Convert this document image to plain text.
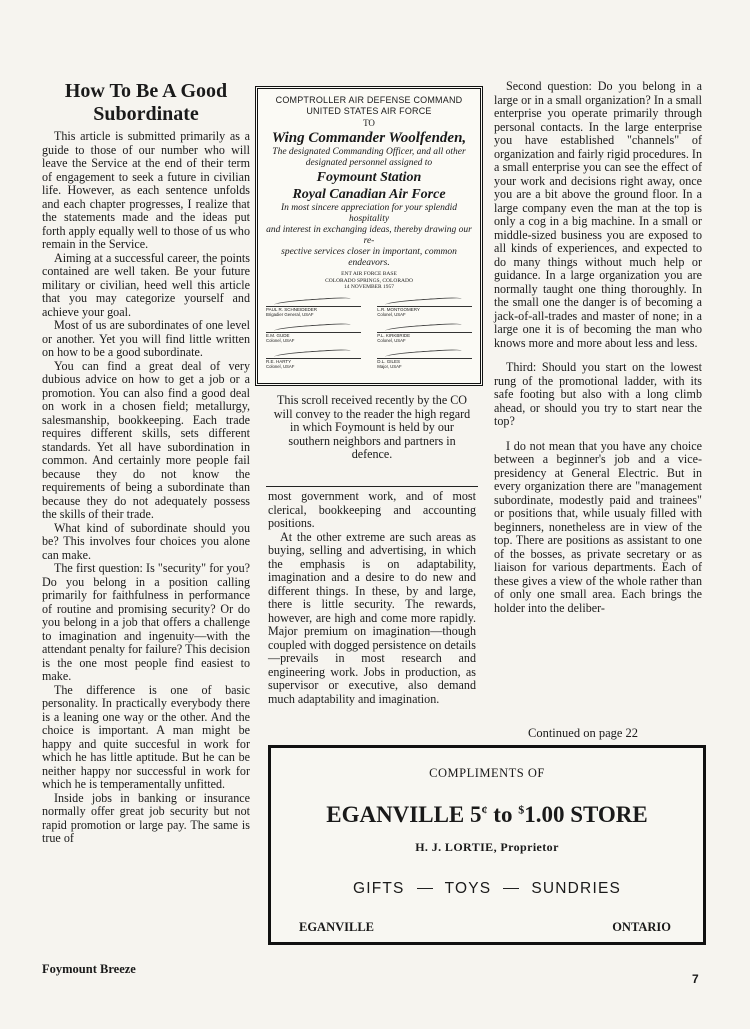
How To Be A Good Subordinate

This article is submitted primarily as a guide to those of our number who will leave the Service at the end of their term of engagement to seek a future in civilian life. However, as each sentence unfolds and each chapter progresses, I realize that the statements made and the ideas put forth apply equally well to those of us who remain in the Service.

Aiming at a successful career, the points contained are well taken. Be your future military or civilian, heed well this article that you may categorize yourself and achieve your goal.

Most of us are subordinates of one level or another. Yet you will find little written on how to be a good subordinate.

You can find a great deal of very dubious advice on how to get a job or a promotion. You can also find a good deal on work in a chosen field; metallurgy, salesmanship, bookkeeping. Each trade requires different skills, sets different standards. Yet all have subordination in common. And certainly more people fail because they do not know the requirements of being a subordinate than because they do not adequately possess the skills of their trade.

What kind of subordinate should you be? This involves four choices you alone can make.

The first question: Is "security" for you? Do you belong in a position calling primarily for faithfulness in performance of routine and promising security? Or do you belong in a job that offers a challenge to imagination and ingenuity—with the attendant penalty for failure? This decision is the one most people find easiest to make.

The difference is one of basic personality. In practically everybody there is a leaning one way or the other. And the choice is important. A man might be happy and quite succesful in work for which he has little aptitude. But he can be neither happy nor successful in work for which he is temperamentally unfitted.

Inside jobs in banking or insurance normally offer great job security but not rapid promotion or large pay. The same is true of

COMPTROLLER AIR DEFENSE COMMAND
UNITED STATES AIR FORCE
TO
Wing Commander Woolfenden,
The designated Commanding Officer, and all other
designated personnel assigned to
Foymount Station
Royal Canadian Air Force
In most sincere appreciation for your splendid hospitality
and interest in exchanging ideas, thereby drawing our re-
spective services closer in important, common endeavors.
ENT AIR FORCE BASE
COLORADO SPRINGS, COLORADO
14 NOVEMBER 1957
PAUL R. SCHNEIDEDER
Brigadier General, USAF
L.R. MONTGOMERY
Colonel, USAF
E.M. GUDE
Colonel, USAF
P.L. KIRKBRIDE
Colonel, USAF
R.E. HARTY
Colonel, USAF
D.L. GILES
Major, USAF
This scroll received recently by the CO will convey to the reader the high regard in which Foymount is held by our southern neighbors and partners in defence.

most government work, and of most clerical, bookkeeping and accounting positions.

At the other extreme are such areas as buying, selling and advertising, in which the emphasis is on adaptability, imagination and a desire to do new and different things. In these, by and large, there is little security. The rewards, however, are high and come more rapidly. Major premium on imagination—though coupled with dogged persistence on details—prevails in most research and engineering work. Jobs in production, as supervisor or executive, also demand much adaptability and imagination.

Second question: Do you belong in a large or in a small organization? In a small enterprise you operate primarily through personal contacts. In the large enterprise you have established "channels" of organization and fairly rigid procedures. In a small enterprise you can see the effect of your work and decisions right away, once you are a bit above the ground floor. In a large company even the man at the top is only a cog in a big machine. In a small or middle-sized business you are exposed to all kinds of experiences, and expected to do many things without much help or guidance. In a large organization you are normally taught one thing thoroughly. In the small one the danger is of becoming a jack-of-all-trades and master of none; in a large one it is of becoming the man who knows more and more about less and less.

Third: Should you start on the lowest rung of the promotional ladder, with its safe footing but also with a long climb ahead, or should you try to start near the top?

I do not mean that you have any choice between a beginner's job and a vice-presidency at General Electric. But in every organization there are "management subordinate, modestly paid and trainees" or positions that, while usualy filled with beginners, nonetheless are in view of the top. There are positions as assistant to one of the bosses, as private secretary or as liaison for various departments. Each of these gives a view of the whole rather than of only one small area. Each brings the holder into the deliber-

Continued on page 22
COMPLIMENTS OF
EGANVILLE 5¢ to $1.00 STORE
H. J. LORTIE, Proprietor
GIFTS	TOYS	SUNDRIES
EGANVILLE	ONTARIO
Foymount Breeze
7
